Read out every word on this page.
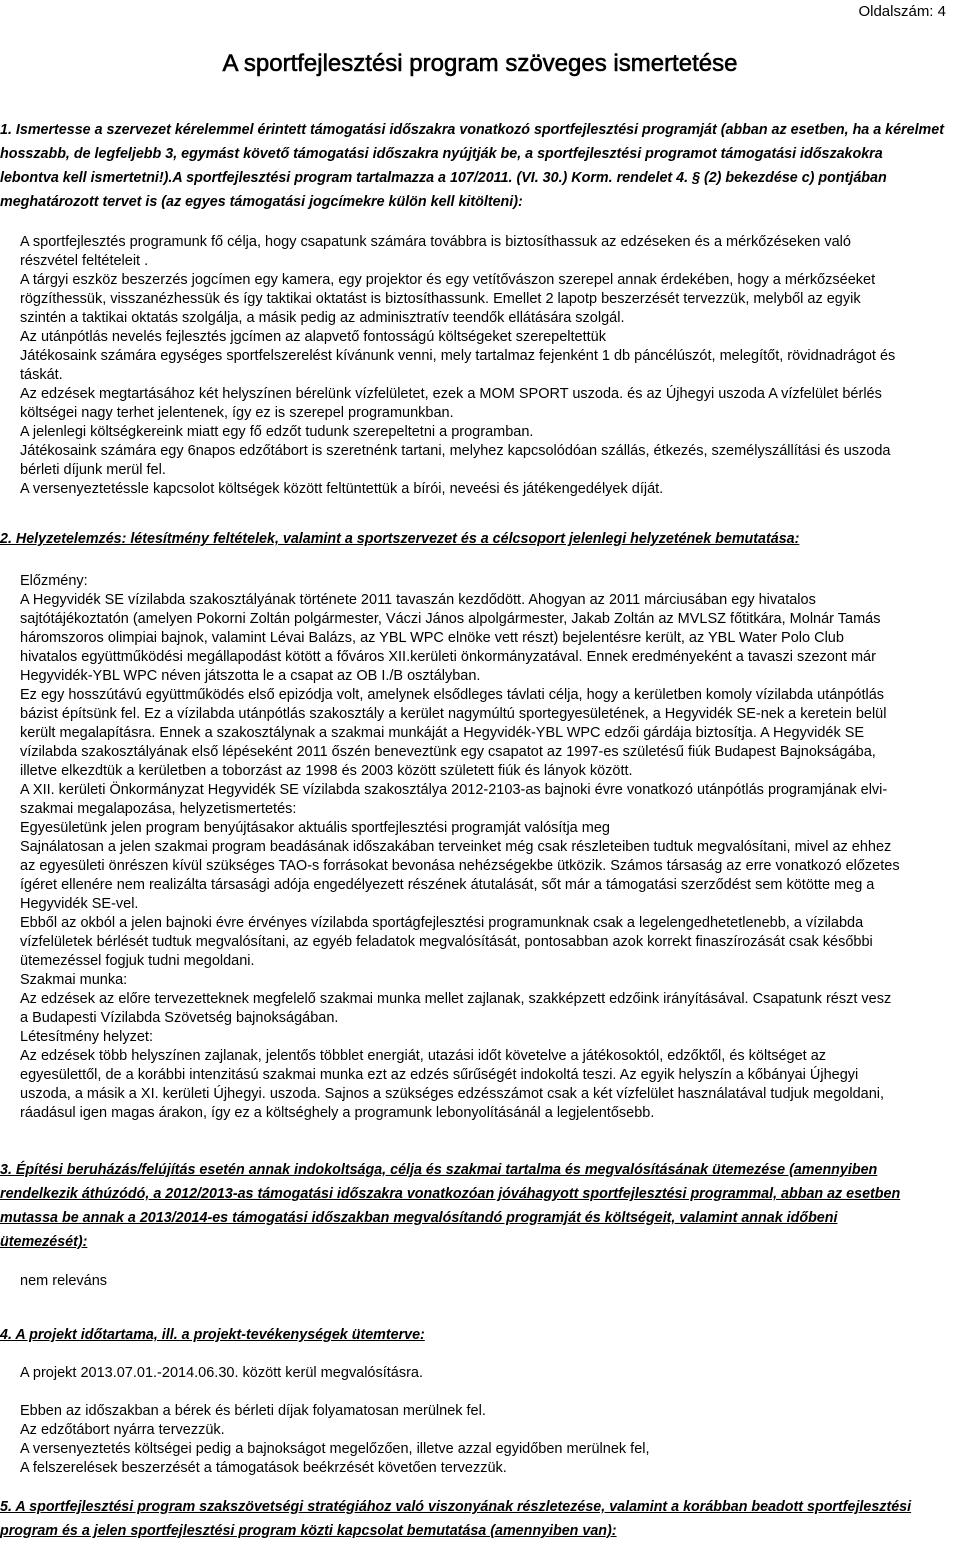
Oldalszám: 4
A sportfejlesztési program szöveges ismertetése
1. Ismertesse a szervezet kérelemmel érintett támogatási időszakra vonatkozó sportfejlesztési programját (abban az esetben, ha a kérelmet
hosszabb, de legfeljebb 3, egymást követő támogatási időszakra nyújtják be, a sportfejlesztési programot támogatási időszakokra
lebontva kell ismertetni!).A sportfejlesztési program tartalmazza a 107/2011. (VI. 30.) Korm. rendelet 4. § (2) bekezdése c) pontjában
meghatározott tervet is (az egyes támogatási jogcímekre külön kell kitölteni):
A sportfejlesztés programunk fő célja, hogy csapatunk számára továbbra is biztosíthassuk az edzéseken és a mérkőzéseken való
részvétel feltételeit .
A tárgyi eszköz beszerzés jogcímen egy kamera, egy projektor és egy vetítővászon szerepel annak érdekében, hogy a mérkőzséeket
rögzíthessük, visszanézhessük és így taktikai oktatást is biztosíthassunk. Emellet 2 lapotp beszerzését tervezzük, melyből az egyik
szintén a taktikai oktatás szolgálja, a másik pedig az adminisztratív teendők ellátására szolgál.
Az utánpótlás nevelés fejlesztés jgcímen az alapvető fontosságú költségeket szerepeltettük
Játékosaink számára egységes sportfelszerelést kívánunk venni, mely tartalmaz fejenként 1 db páncélúszót, melegítőt, rövidnadrágot és
táskát.
Az edzések megtartásához két helyszínen bérelünk vízfelületet, ezek a MOM SPORT uszoda. és az Újhegyi uszoda A vízfelület bérlés
költségei nagy terhet jelentenek, így ez is szerepel programunkban.
A jelenlegi költségkereink miatt egy fő edzőt tudunk szerepeltetni a programban.
Játékosaink számára egy 6napos edzőtábort is szeretnénk tartani, melyhez kapcsolódóan szállás, étkezés, személyszállítási és uszoda
bérleti díjunk merül fel.
A versenyeztetéssle kapcsolot költségek között feltüntettük a bírói, neveési és játékengedélyek díját.
2. Helyzetelemzés: létesítmény feltételek, valamint a sportszervezet és a célcsoport jelenlegi helyzetének bemutatása:
Előzmény:
A Hegyvidék SE vízilabda szakosztályának története 2011 tavaszán kezdődött. Ahogyan az 2011 márciusában egy hivatalos
sajtótájékoztatón (amelyen Pokorni Zoltán polgármester, Váczi János alpolgármester, Jakab Zoltán az MVLSZ főtitkára, Molnár Tamás
háromszoros olimpiai bajnok, valamint Lévai Balázs, az YBL WPC elnöke vett részt) bejelentésre került, az YBL Water Polo Club
hivatalos együttműködési megállapodást kötött a főváros XII.kerületi önkormányzatával. Ennek eredményeként a tavaszi szezont már
Hegyvidék-YBL WPC néven játszotta le a csapat az OB I./B osztályban.
Ez egy hosszútávú együttműködés első epizódja volt, amelynek elsődleges távlati célja, hogy a kerületben komoly vízilabda utánpótlás
bázist építsünk fel. Ez a vízilabda utánpótlás szakosztály a kerület nagymúltú sportegyesületének, a Hegyvidék SE-nek a keretein belül
került megalapításra. Ennek a szakosztálynak a szakmai munkáját a Hegyvidék-YBL WPC edzői gárdája biztosítja. A Hegyvidék SE
vízilabda szakosztályának első lépéseként 2011 őszén beneveztünk egy csapatot az 1997-es születésű fiúk Budapest Bajnokságába,
illetve elkezdtük a kerületben a toborzást az 1998 és 2003 között született fiúk és lányok között.
A XII. kerületi Önkormányzat Hegyvidék SE vízilabda szakosztálya 2012-2103-as bajnoki évre vonatkozó utánpótlás programjának elvi-
szakmai megalapozása, helyzetismertetés:
Egyesületünk jelen program benyújtásakor aktuális sportfejlesztési programját valósítja meg
Sajnálatosan a jelen szakmai program beadásának időszakában terveinket még csak részleteiben tudtuk megvalósítani, mivel az ehhez
az egyesületi önrészen kívül szükséges TAO-s forrásokat bevonása nehézségekbe ütközik. Számos társaság az erre vonatkozó előzetes
ígéret ellenére nem realizálta társasági adója engedélyezett részének átutalását, sőt már a támogatási szerződést sem kötötte meg a
Hegyvidék SE-vel.
Ebből az okból a jelen bajnoki évre érvényes vízilabda sportágfejlesztési programunknak csak a legelengedhetetlenebb, a vízilabda
vízfelületek bérlését tudtuk megvalósítani, az egyéb feladatok megvalósítását, pontosabban azok korrekt finaszírozását csak későbbi
ütemezéssel fogjuk tudni megoldani.
Szakmai munka:
Az edzések az előre tervezetteknek megfelelő szakmai munka mellet zajlanak, szakképzett edzőink irányításával. Csapatunk részt vesz
a Budapesti Vízilabda Szövetség bajnokságában.
Létesítmény helyzet:
Az edzések több helyszínen zajlanak, jelentős többlet energiát, utazási időt követelve a játékosoktól, edzőktől, és költséget az
egyesülettől, de a korábbi intenzitású szakmai munka ezt az edzés sűrűségét indokoltá teszi. Az egyik helyszín a kőbányai Újhegyi
uszoda, a másik a XI. kerületi Újhegyi. uszoda. Sajnos a szükséges edzésszámot csak a két vízfelület használatával tudjuk megoldani,
ráadásul igen magas árakon, így ez a költséghely a programunk lebonyolításánál a legjelentősebb.
3. Építési beruházás/felújítás esetén annak indokoltsága, célja és szakmai tartalma és megvalósításának ütemezése (amennyiben
rendelkezik áthúzódó, a 2012/2013-as támogatási időszakra vonatkozóan jóváhagyott sportfejlesztési programmal, abban az esetben
mutassa be annak a 2013/2014-es támogatási időszakban megvalósítandó programját és költségeit, valamint annak időbeni
ütemezését):
nem releváns
4. A projekt időtartama, ill. a projekt-tevékenységek ütemterve:
A projekt 2013.07.01.-2014.06.30. között kerül megvalósításra.
Ebben az időszakban a bérek és bérleti díjak folyamatosan merülnek fel.
Az edzőtábort nyárra tervezzük.
A versenyeztetés költségei pedig a bajnokságot megelőzően, illetve azzal egyidőben merülnek fel,
A felszerelések beszerzését a támogatások beékrzését követően tervezzük.
5. A sportfejlesztési program szakszövetségi stratégiához való viszonyának részletezése, valamint a korábban beadott sportfejlesztési
program és a jelen sportfejlesztési program közti kapcsolat bemutatása (amennyiben van):
